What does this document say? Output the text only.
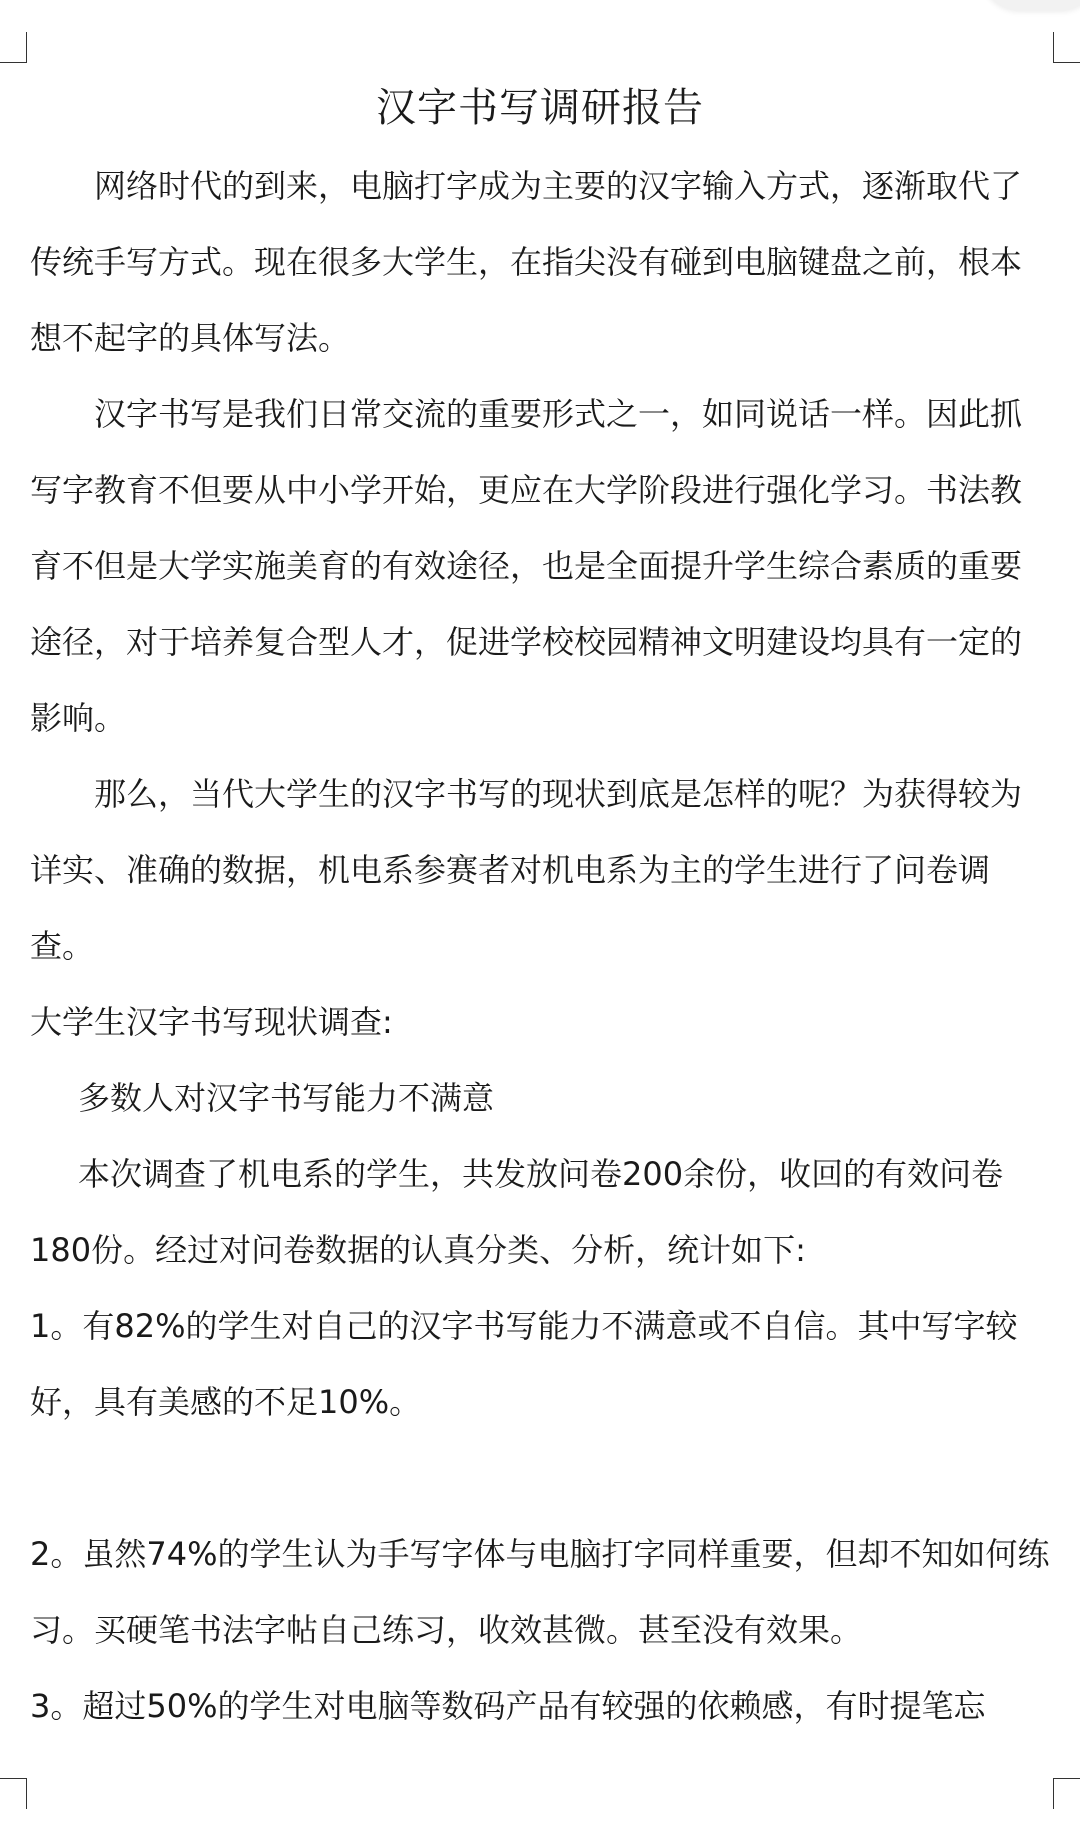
汉字书写调研报告

网络时代的到来，电脑打字成为主要的汉字输入方式，逐渐取代了传统手写方式。现在很多大学生，在指尖没有碰到电脑键盘之前，根本想不起字的具体写法。

汉字书写是我们日常交流的重要形式之一，如同说话一样。因此抓写字教育不但要从中小学开始，更应在大学阶段进行强化学习。书法教育不但是大学实施美育的有效途径，也是全面提升学生综合素质的重要途径，对于培养复合型人才，促进学校校园精神文明建设均具有一定的影响。

那么，当代大学生的汉字书写的现状到底是怎样的呢？为获得较为详实、准确的数据，机电系参赛者对机电系为主的学生进行了问卷调查。

大学生汉字书写现状调查:

多数人对汉字书写能力不满意

本次调查了机电系的学生，共发放问卷200余份，收回的有效问卷180份。经过对问卷数据的认真分类、分析，统计如下:

1。有82%的学生对自己的汉字书写能力不满意或不自信。其中写字较好，具有美感的不足10%。

2。虽然74%的学生认为手写字体与电脑打字同样重要，但却不知如何练习。买硬笔书法字帖自己练习，收效甚微。甚至没有效果。

3。超过50%的学生对电脑等数码产品有较强的依赖感，有时提笔忘
